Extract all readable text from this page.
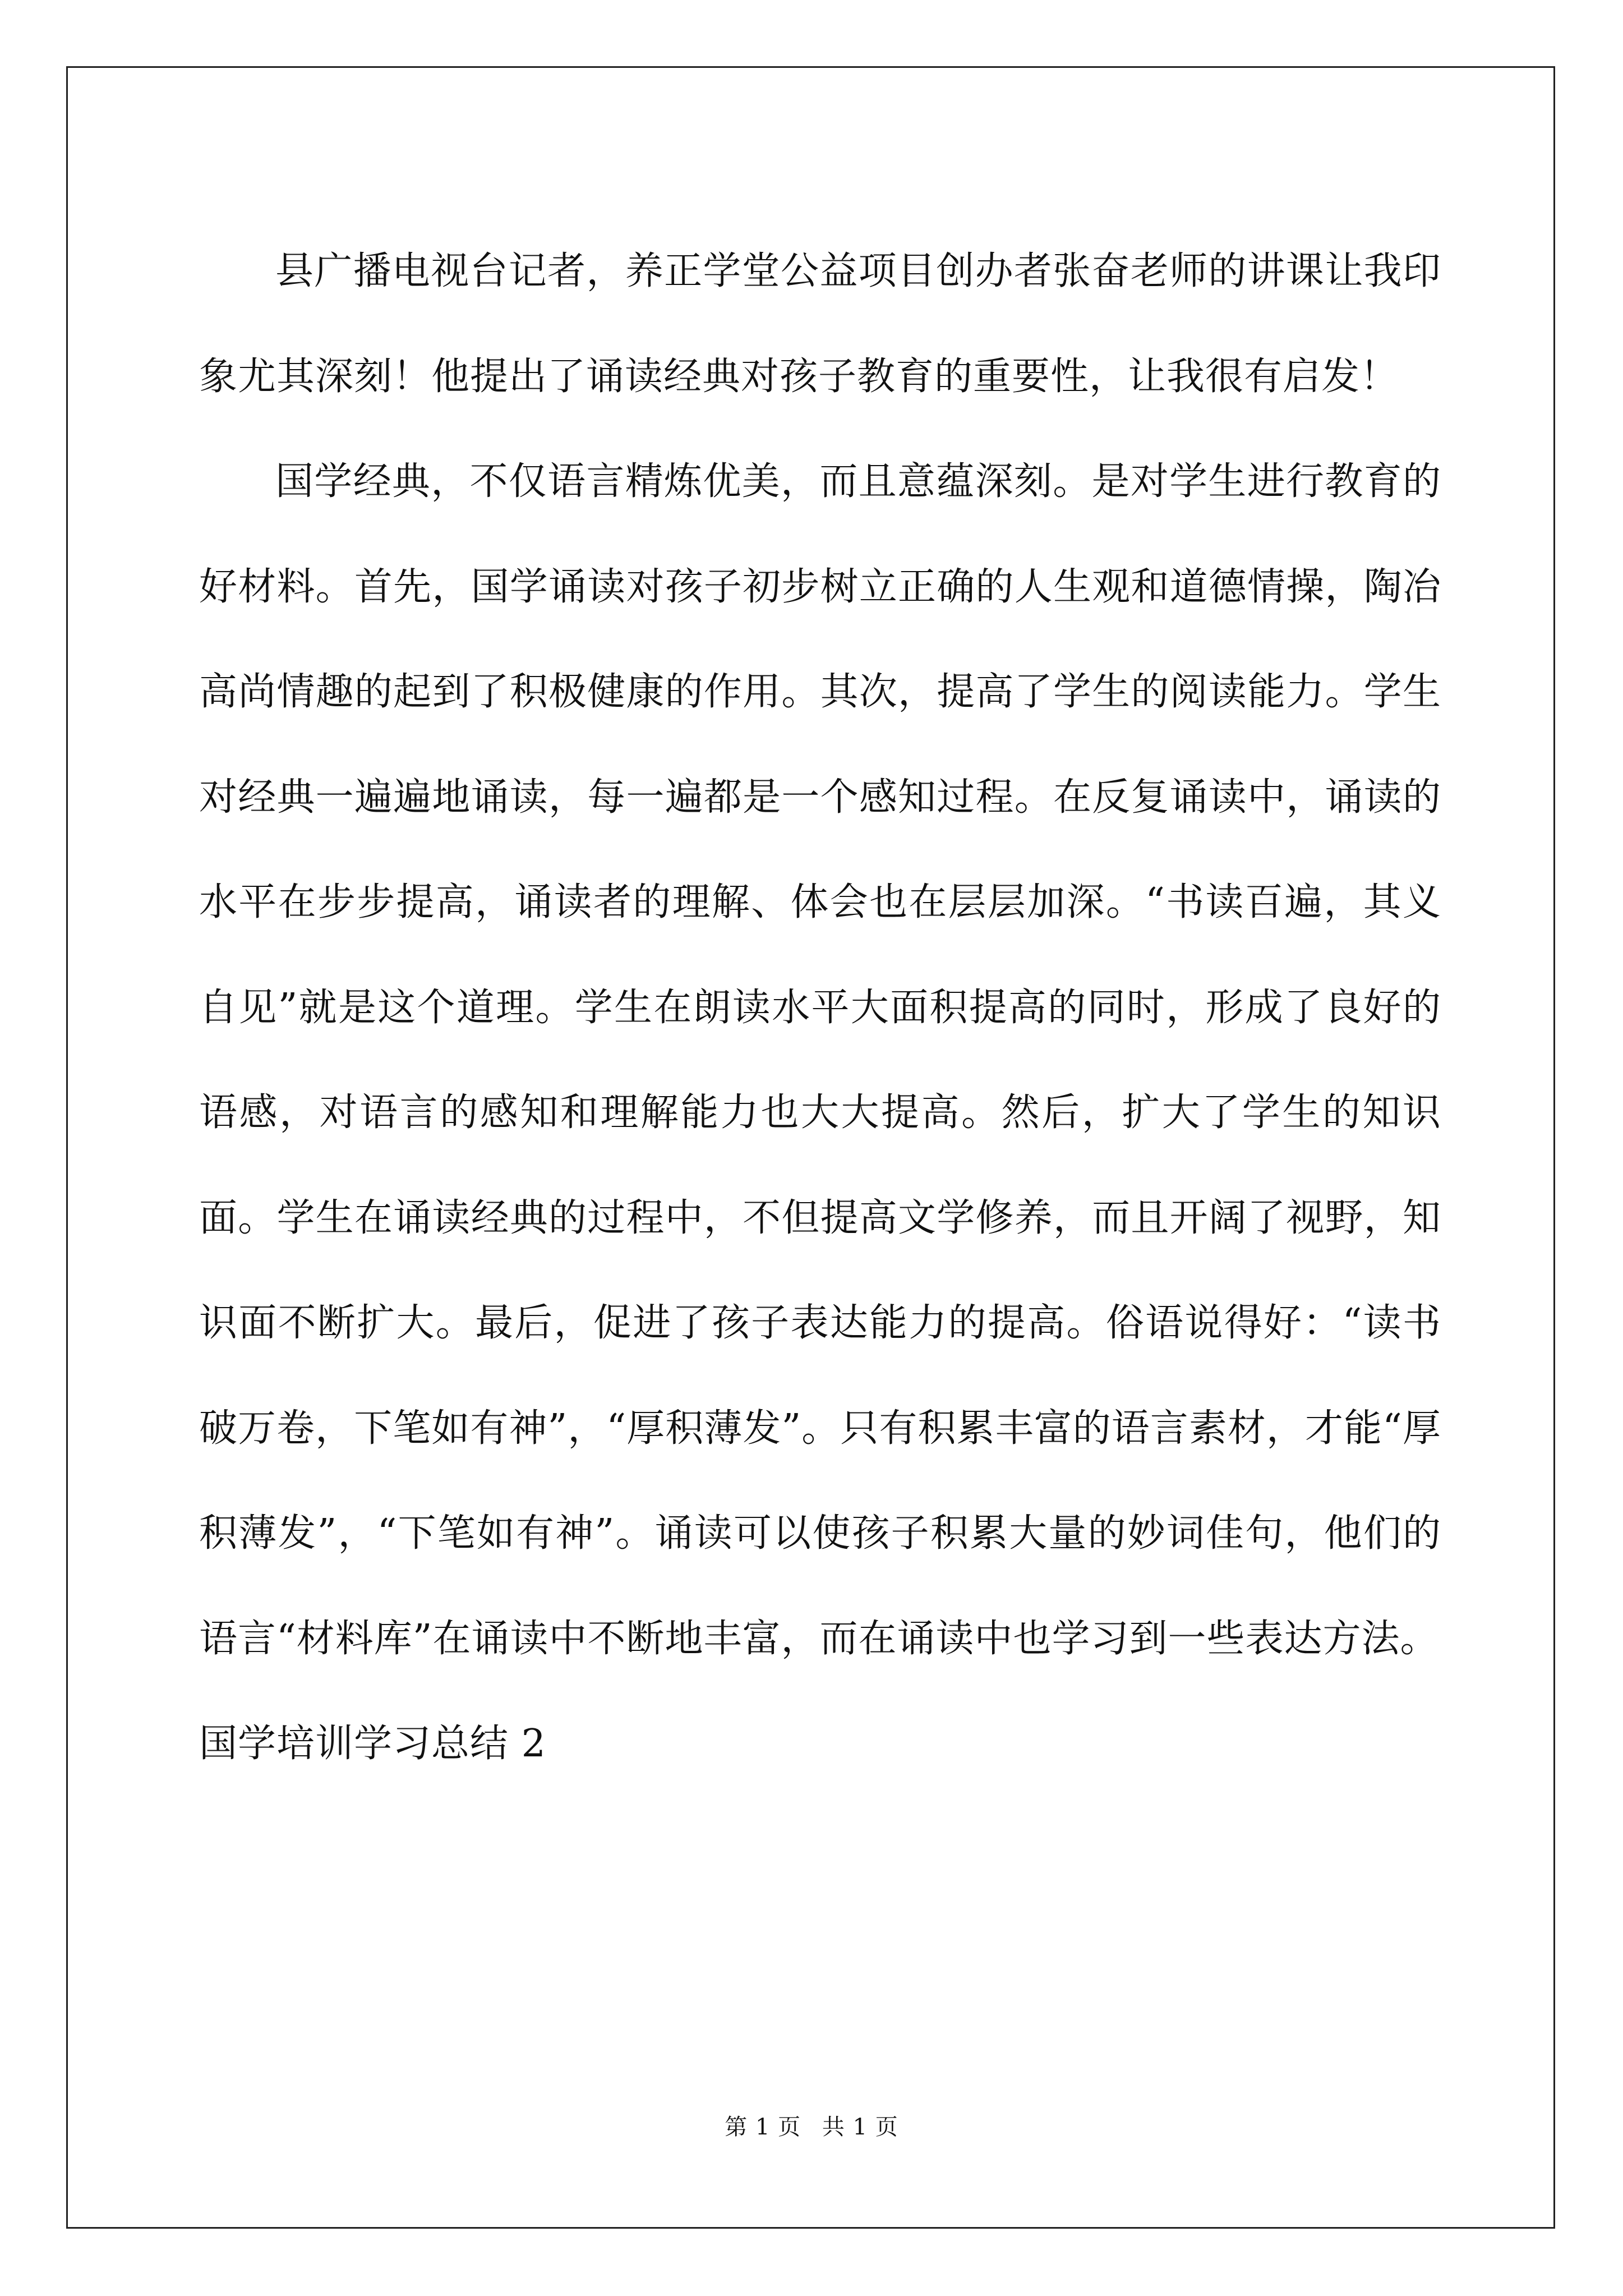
县广播电视台记者，养正学堂公益项目创办者张奋老师的讲课让我印象尤其深刻！他提出了诵读经典对孩子教育的重要性，让我很有启发！

国学经典，不仅语言精炼优美，而且意蕴深刻。是对学生进行教育的好材料。首先，国学诵读对孩子初步树立正确的人生观和道德情操，陶冶高尚情趣的起到了积极健康的作用。其次，提高了学生的阅读能力。学生对经典一遍遍地诵读，每一遍都是一个感知过程。在反复诵读中，诵读的水平在步步提高，诵读者的理解、体会也在层层加深。“书读百遍，其义自见”就是这个道理。学生在朗读水平大面积提高的同时，形成了良好的语感，对语言的感知和理解能力也大大提高。然后，扩大了学生的知识面。学生在诵读经典的过程中，不但提高文学修养，而且开阔了视野，知识面不断扩大。最后，促进了孩子表达能力的提高。俗语说得好：“读书破万卷，下笔如有神”，“厚积薄发”。只有积累丰富的语言素材，才能“厚积薄发”，“下笔如有神”。诵读可以使孩子积累大量的妙词佳句，他们的语言“材料库”在诵读中不断地丰富，而在诵读中也学习到一些表达方法。

国学培训学习总结 2

第 1 页 共 1 页
